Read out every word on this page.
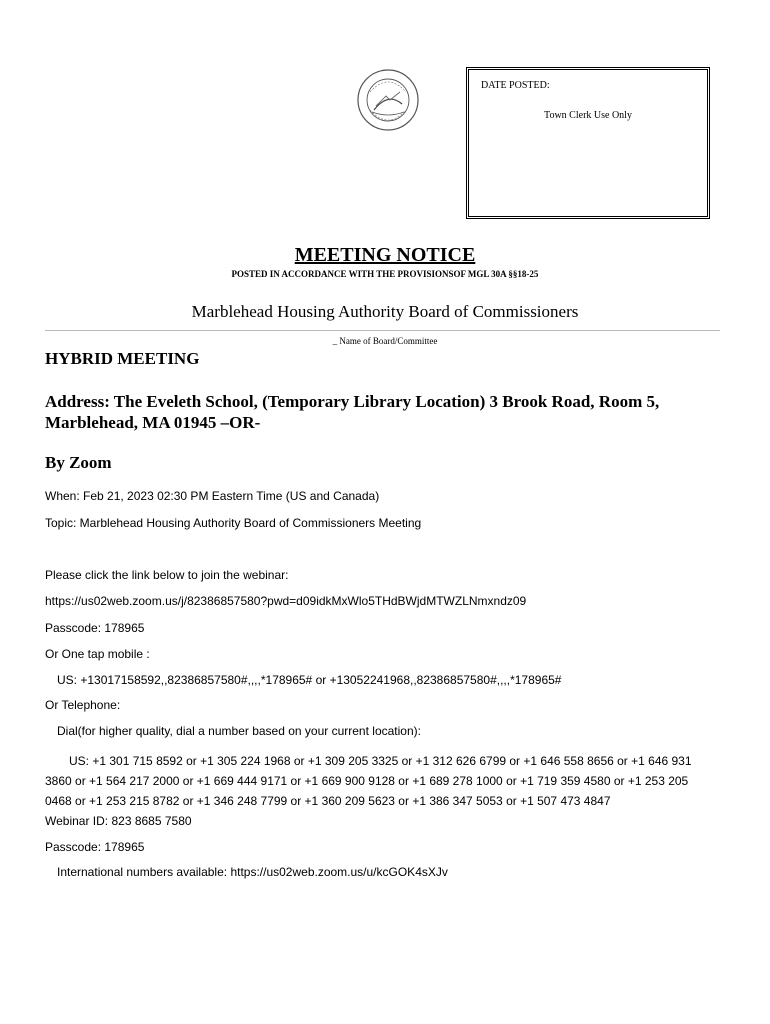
DATE POSTED:
Town Clerk Use Only
MEETING NOTICE
POSTED IN ACCORDANCE WITH THE PROVISIONSOF MGL 30A §§18-25
Marblehead Housing Authority Board of Commissioners
_ Name of Board/Committee
HYBRID MEETING
Address: The Eveleth School, (Temporary Library Location) 3 Brook Road, Room 5, Marblehead, MA 01945 –OR-
By Zoom
When: Feb 21, 2023 02:30 PM Eastern Time (US and Canada)
Topic: Marblehead Housing Authority Board of Commissioners Meeting
Please click the link below to join the webinar:
https://us02web.zoom.us/j/82386857580?pwd=d09idkMxWlo5THdBWjdMTWZLNmxndz09
Passcode: 178965
Or One tap mobile :
US: +13017158592,,82386857580#,,,,*178965# or +13052241968,,82386857580#,,,,*178965#
Or Telephone:
Dial(for higher quality, dial a number based on your current location):
US: +1 301 715 8592 or +1 305 224 1968 or +1 309 205 3325 or +1 312 626 6799 or +1 646 558 8656 or +1 646 931 3860 or +1 564 217 2000 or +1 669 444 9171 or +1 669 900 9128 or +1 689 278 1000 or +1 719 359 4580 or +1 253 205 0468 or +1 253 215 8782 or +1 346 248 7799 or +1 360 209 5623 or +1 386 347 5053 or +1 507 473 4847
Webinar ID: 823 8685 7580
Passcode: 178965
International numbers available: https://us02web.zoom.us/u/kcGOK4sXJv
